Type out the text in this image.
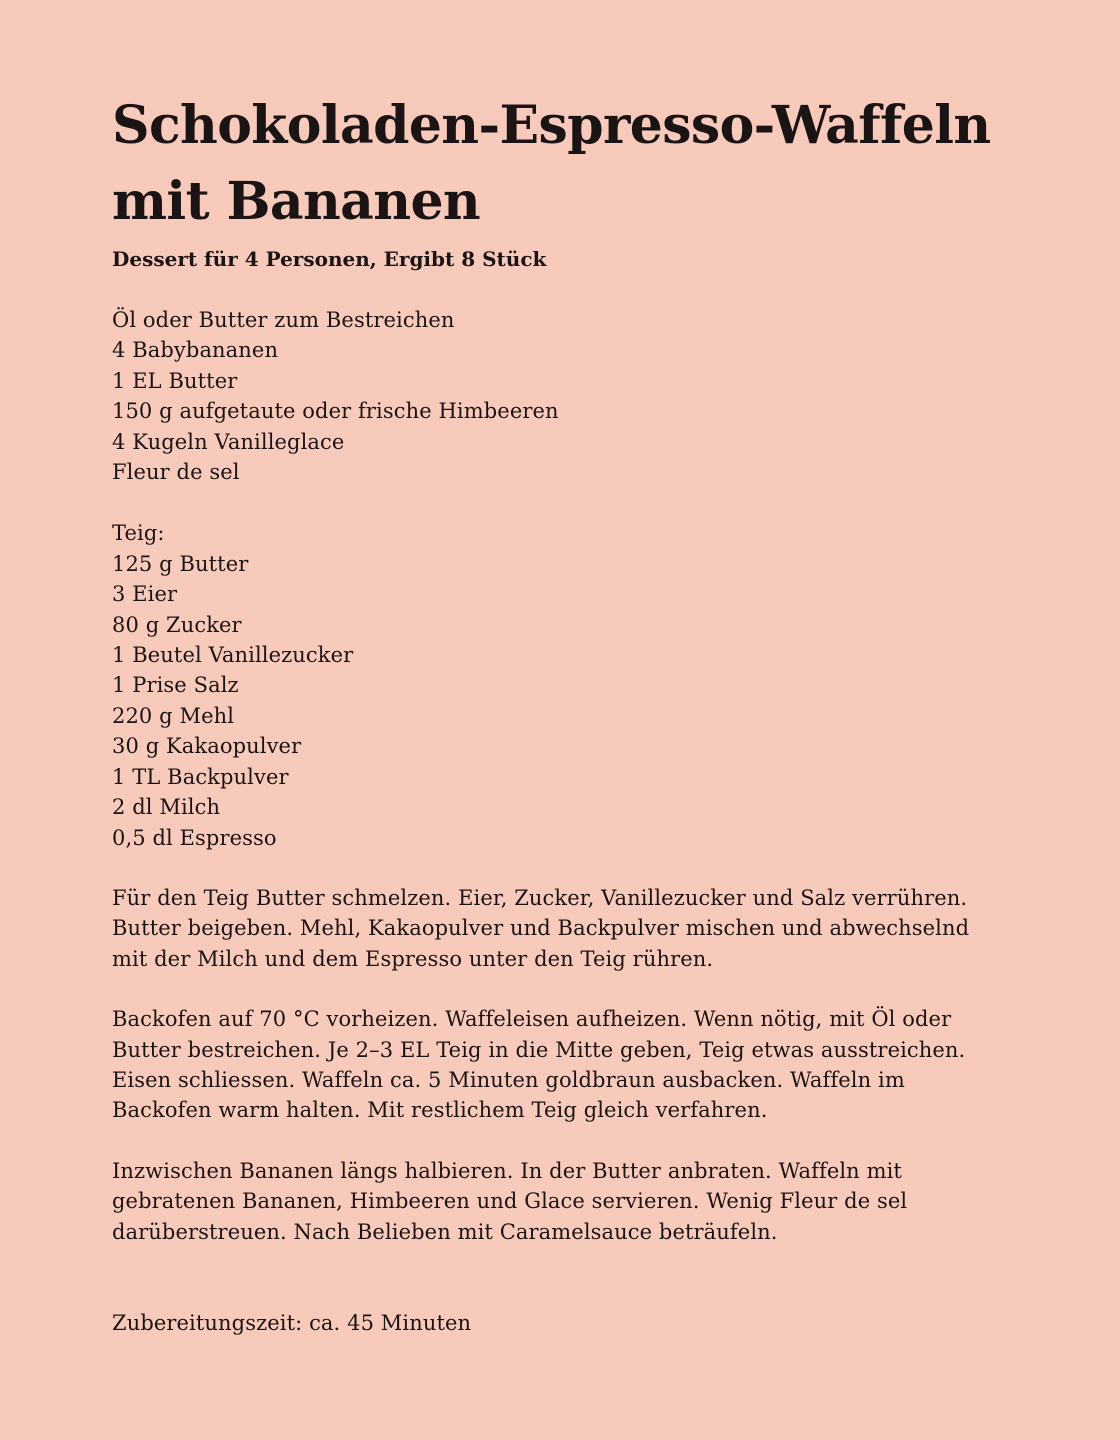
Schokoladen-Espresso-Waffeln
mit Bananen
Dessert für 4 Personen, Ergibt 8 Stück
Öl oder Butter zum Bestreichen
4 Babybananen
1 EL Butter
150 g aufgetaute oder frische Himbeeren
4 Kugeln Vanilleglace
Fleur de sel
Teig:
125 g Butter
3 Eier
80 g Zucker
1 Beutel Vanillezucker
1 Prise Salz
220 g Mehl
30 g Kakaopulver
1 TL Backpulver
2 dl Milch
0,5 dl Espresso

Für den Teig Butter schmelzen. Eier, Zucker, Vanillezucker und Salz verrühren. Butter beigeben. Mehl, Kakaopulver und Backpulver mischen und abwechselnd mit der Milch und dem Espresso unter den Teig rühren.

Backofen auf 70 °C vorheizen. Waffeleisen aufheizen. Wenn nötig, mit Öl oder Butter bestreichen. Je 2–3 EL Teig in die Mitte geben, Teig etwas ausstreichen. Eisen schliessen. Waffeln ca. 5 Minuten goldbraun ausbacken. Waffeln im Backofen warm halten. Mit restlichem Teig gleich verfahren.

Inzwischen Bananen längs halbieren. In der Butter anbraten. Waffeln mit gebratenen Bananen, Himbeeren und Glace servieren. Wenig Fleur de sel darüberstreuen. Nach Belieben mit Caramelsauce beträufeln.

Zubereitungszeit: ca. 45 Minuten
